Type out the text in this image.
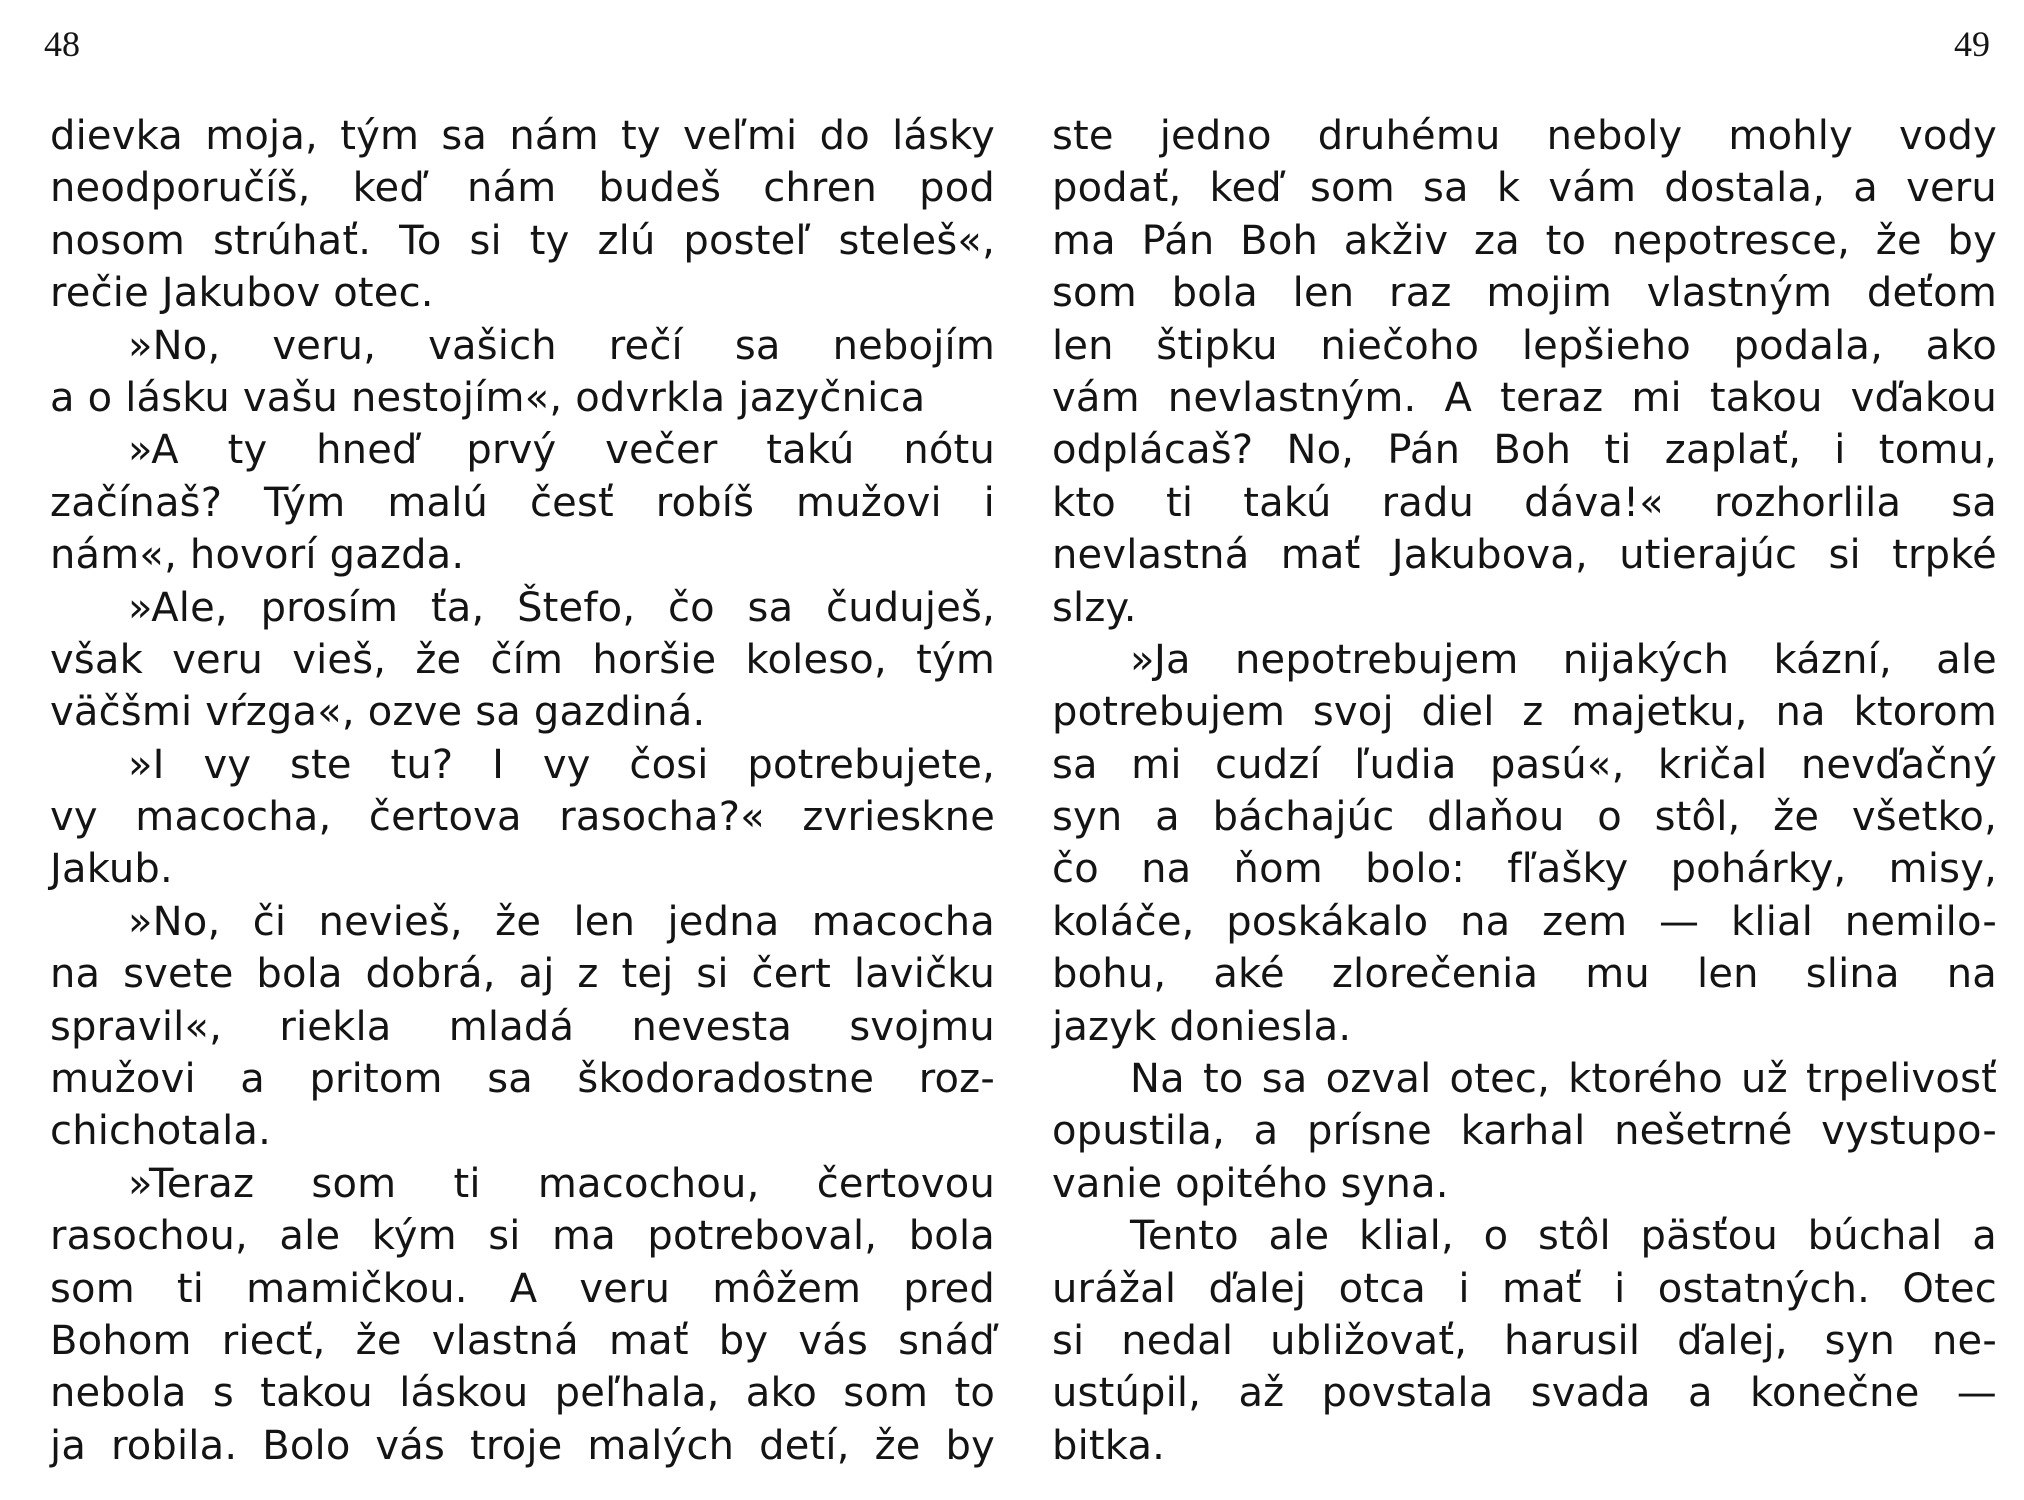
48	49
dievka moja, tým sa nám ty veľmi do lásky
neodporučíš, keď nám budeš chren pod
nosom strúhať. To si ty zlú posteľ steleš«,
rečie Jakubov otec.
»No, veru, vašich rečí sa nebojím
a o lásku vašu nestojím«, odvrkla jazyčnica
»A ty hneď prvý večer takú nótu
začínaš? Tým malú česť robíš mužovi i
nám«, hovorí gazda.
»Ale, prosím ťa, Štefo, čo sa čuduješ,
však veru vieš, že čím horšie koleso, tým
väčšmi vŕzga«, ozve sa gazdiná.
»I vy ste tu? I vy čosi potrebujete,
vy macocha, čertova rasocha?« zvrieskne
Jakub.
»No, či nevieš, že len jedna macocha
na svete bola dobrá, aj z tej si čert lavičku
spravil«, riekla mladá nevesta svojmu
mužovi a pritom sa škodoradostne roz-
chichotala.
»Teraz som ti macochou, čertovou
rasochou, ale kým si ma potreboval, bola
som ti mamičkou. A veru môžem pred
Bohom riecť, že vlastná mať by vás snáď
nebola s takou láskou peľhala, ako som to
ja robila. Bolo vás troje malých detí, že by
ste jedno druhému neboly mohly vody
podať, keď som sa k vám dostala, a veru
ma Pán Boh akživ za to nepotresce, že by
som bola len raz mojim vlastným deťom
len štipku niečoho lepšieho podala, ako
vám nevlastným. A teraz mi takou vďakou
odplácaš? No, Pán Boh ti zaplať, i tomu,
kto ti takú radu dáva!« rozhorlila sa
nevlastná mať Jakubova, utierajúc si trpké
slzy.
»Ja nepotrebujem nijakých kázní, ale
potrebujem svoj diel z majetku, na ktorom
sa mi cudzí ľudia pasú«, kričal nevďačný
syn a báchajúc dlaňou o stôl, že všetko,
čo na ňom bolo: fľašky pohárky, misy,
koláče, poskákalo na zem — klial nemilo-
bohu, aké zlorečenia mu len slina na
jazyk doniesla.
Na to sa ozval otec, ktorého už trpelivosť
opustila, a prísne karhal nešetrné vystupo-
vanie opitého syna.
Tento ale klial, o stôl päsťou búchal a
urážal ďalej otca i mať i ostatných. Otec
si nedal ubližovať, harusil ďalej, syn ne-
ustúpil, až povstala svada a konečne —
bitka.
